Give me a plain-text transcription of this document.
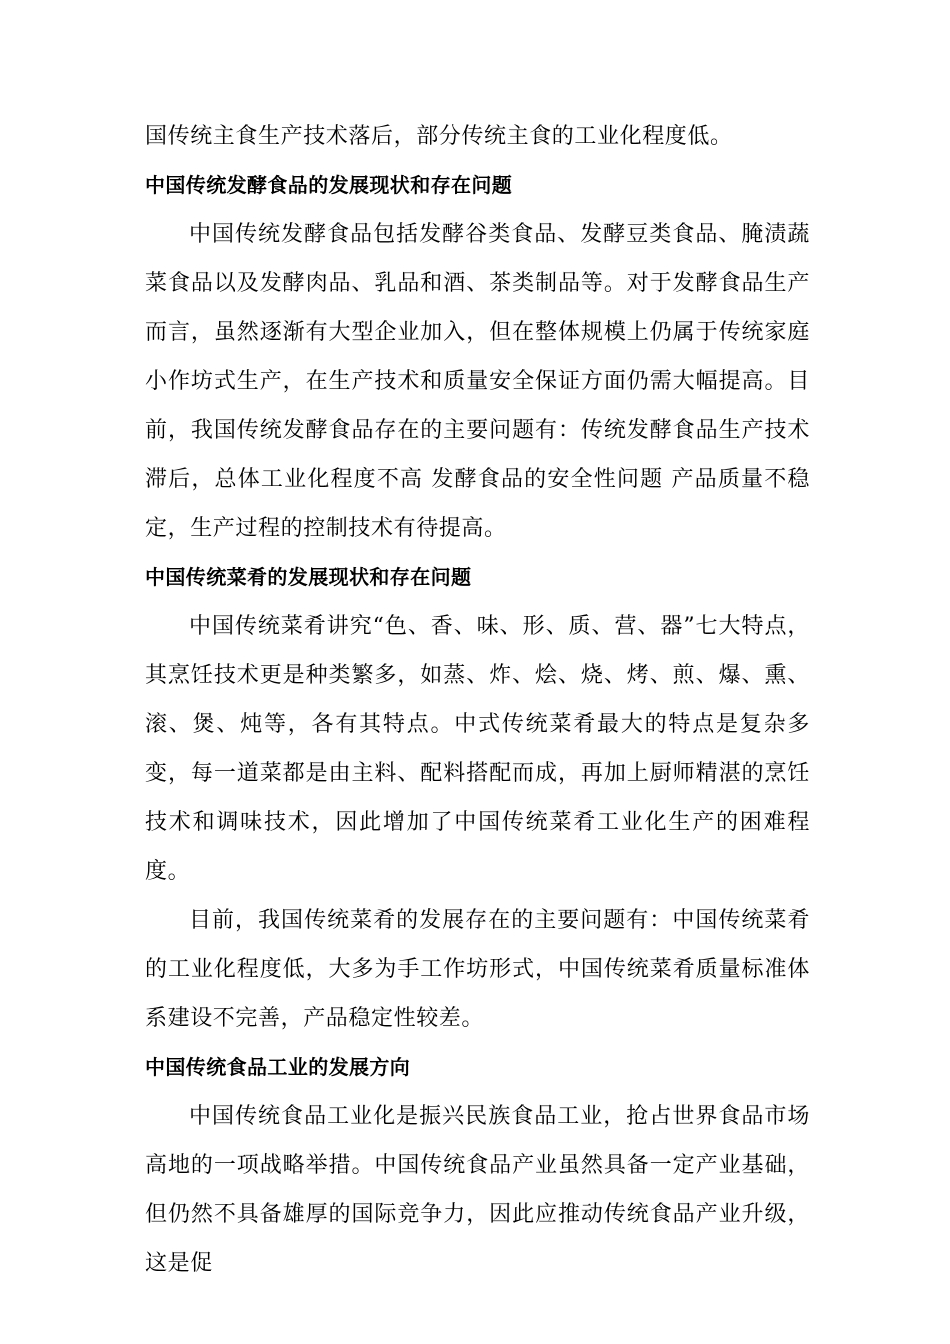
国传统主食生产技术落后，部分传统主食的工业化程度低。

中国传统发酵食品的发展现状和存在问题

中国传统发酵食品包括发酵谷类食品、发酵豆类食品、腌渍蔬菜食品以及发酵肉品、乳品和酒、茶类制品等。对于发酵食品生产而言，虽然逐渐有大型企业加入，但在整体规模上仍属于传统家庭小作坊式生产，在生产技术和质量安全保证方面仍需大幅提高。目前，我国传统发酵食品存在的主要问题有：传统发酵食品生产技术滞后，总体工业化程度不高 发酵食品的安全性问题 产品质量不稳定，生产过程的控制技术有待提高。

中国传统菜肴的发展现状和存在问题

中国传统菜肴讲究“色、香、味、形、质、营、器”七大特点，其烹饪技术更是种类繁多，如蒸、炸、烩、烧、烤、煎、爆、熏、滚、煲、炖等，各有其特点。中式传统菜肴最大的特点是复杂多变，每一道菜都是由主料、配料搭配而成，再加上厨师精湛的烹饪技术和调味技术，因此增加了中国传统菜肴工业化生产的困难程度。

目前，我国传统菜肴的发展存在的主要问题有：中国传统菜肴的工业化程度低，大多为手工作坊形式，中国传统菜肴质量标准体系建设不完善，产品稳定性较差。

中国传统食品工业的发展方向

中国传统食品工业化是振兴民族食品工业，抢占世界食品市场高地的一项战略举措。中国传统食品产业虽然具备一定产业基础，但仍然不具备雄厚的国际竞争力，因此应推动传统食品产业升级，这是促
